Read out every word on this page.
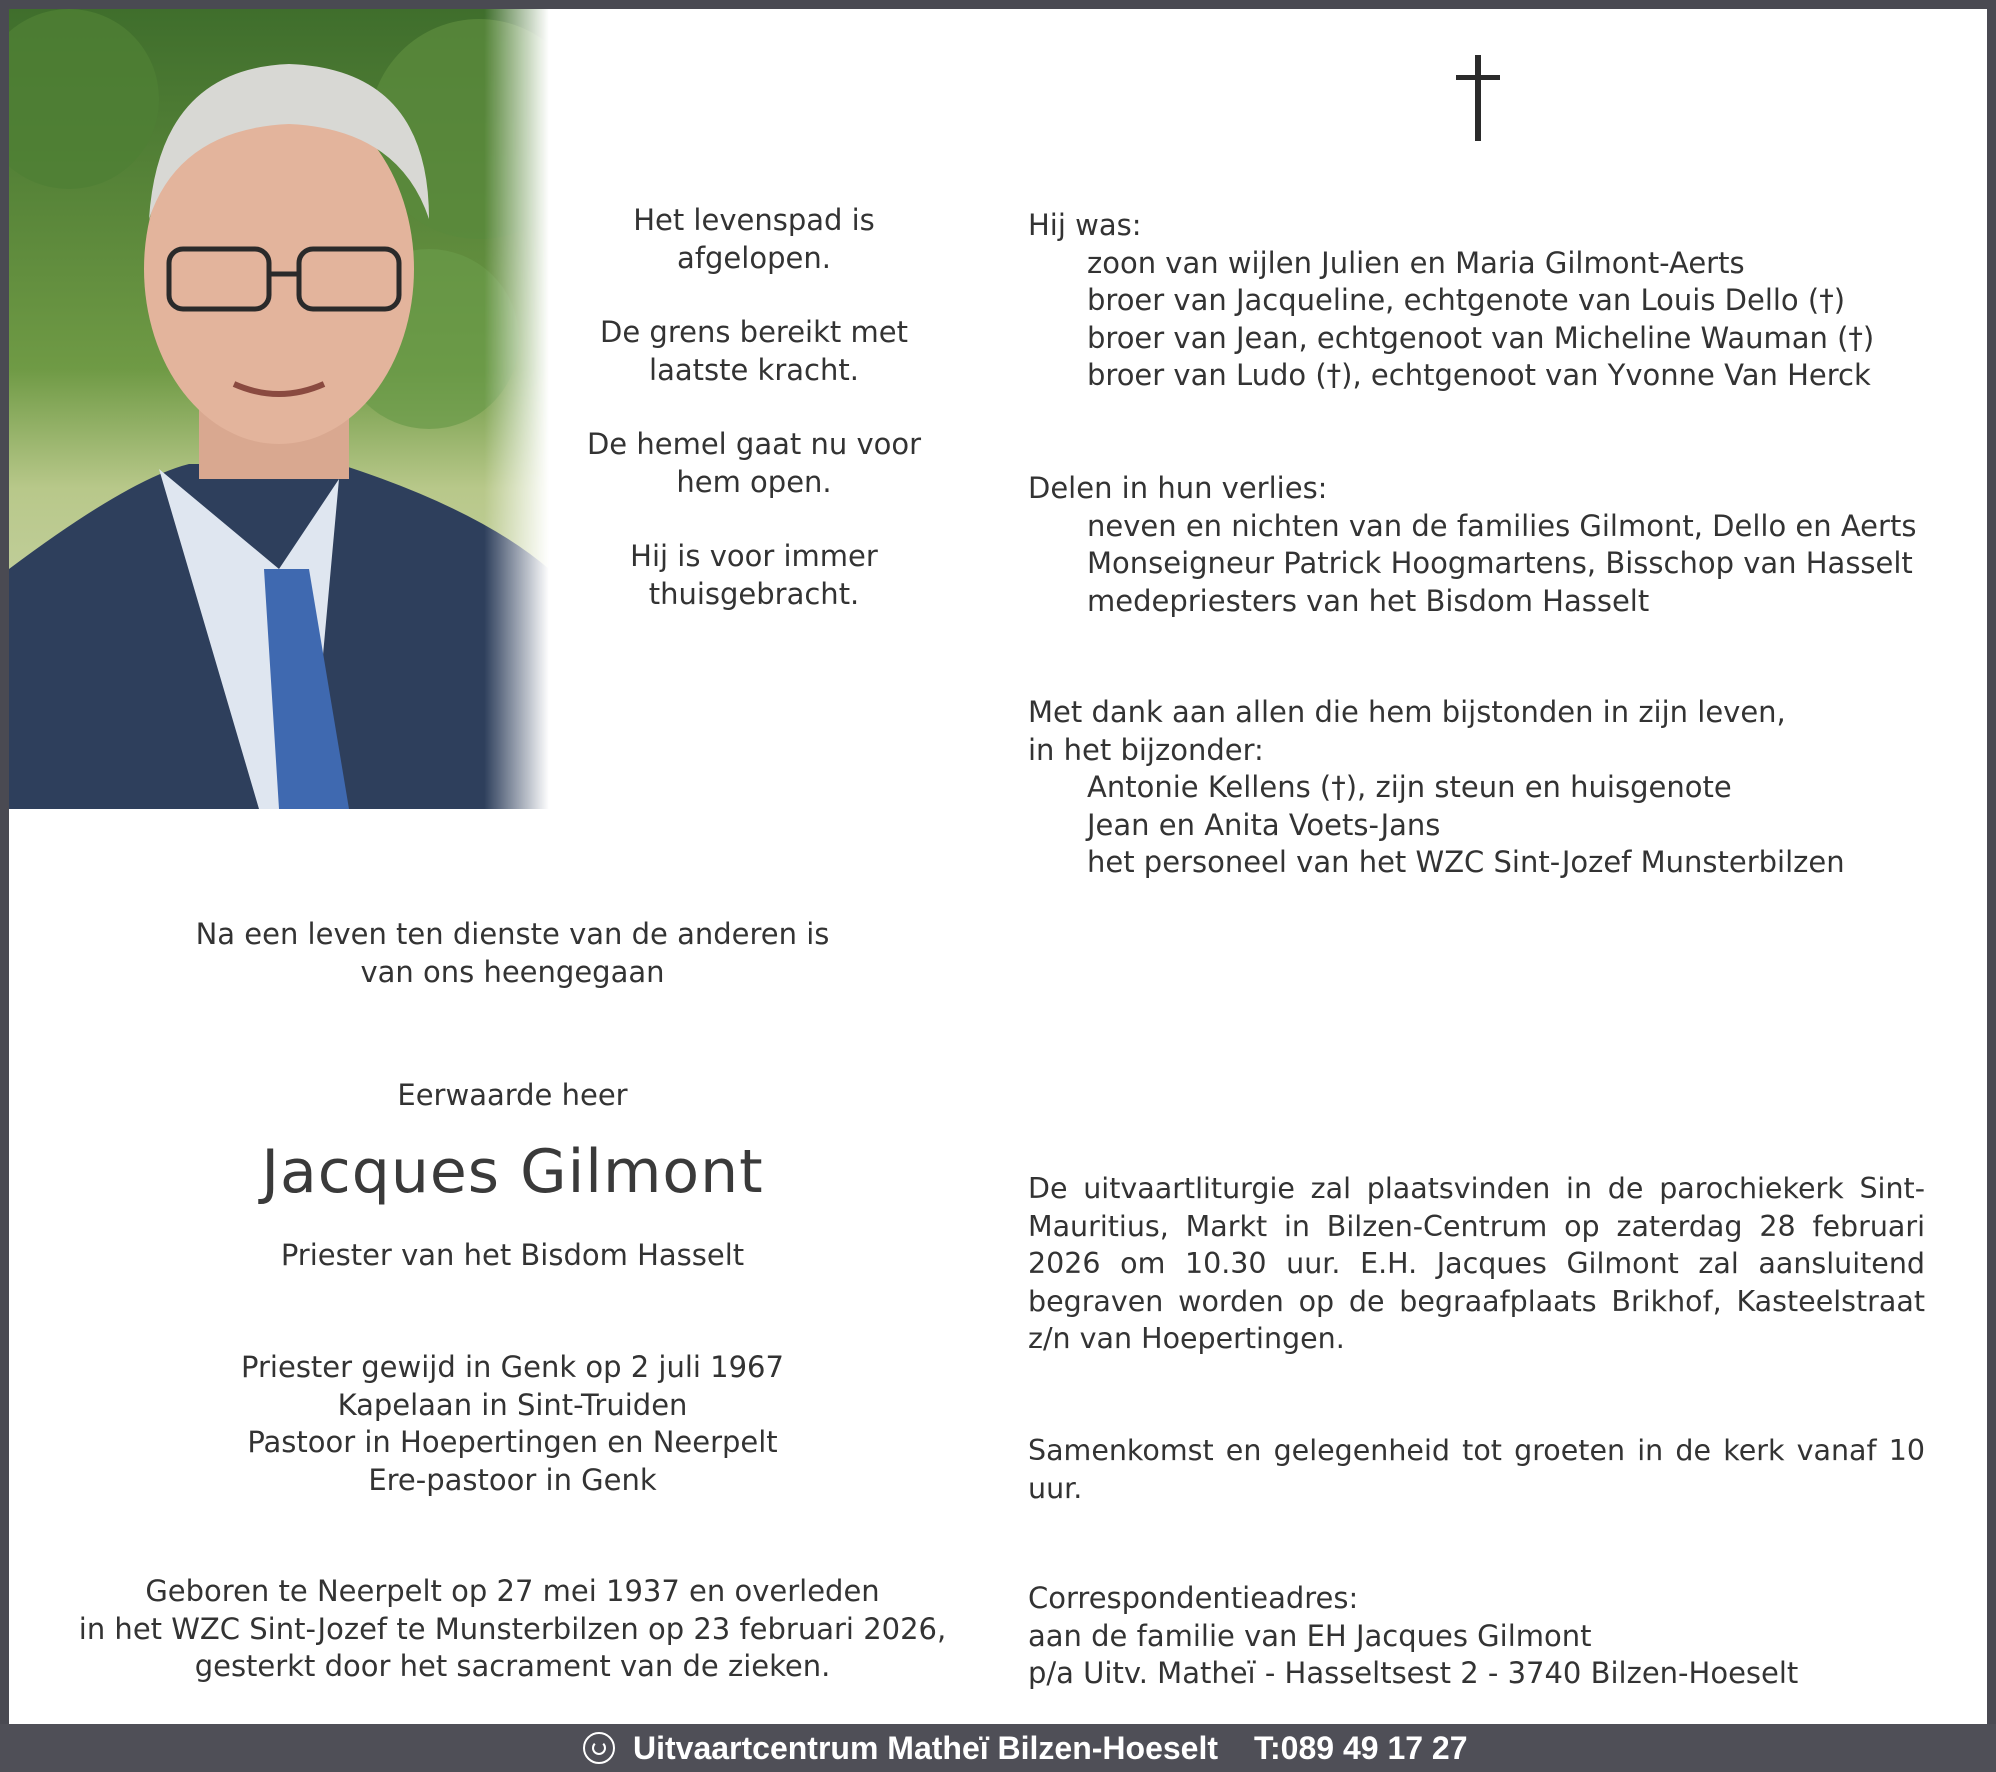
Het levenspad is
afgelopen.
De grens bereikt met
laatste kracht.
De hemel gaat nu voor
hem open.
Hij is voor immer
thuisgebracht.
Hij was:
zoon van wijlen Julien en Maria Gilmont-Aerts
broer van Jacqueline, echtgenote van Louis Dello (†)
broer van Jean, echtgenoot van Micheline Wauman (†)
broer van Ludo (†), echtgenoot van Yvonne Van Herck
Delen in hun verlies:
neven en nichten van de families Gilmont, Dello en Aerts
Monseigneur Patrick Hoogmartens, Bisschop van Hasselt
medepriesters van het Bisdom Hasselt
Met dank aan allen die hem bijstonden in zijn leven,
in het bijzonder:
Antonie Kellens (†), zijn steun en huisgenote
Jean en Anita Voets-Jans
het personeel van het WZC Sint-Jozef Munsterbilzen
Na een leven ten dienste van de anderen is
van ons heengegaan
Eerwaarde heer
Jacques Gilmont
Priester van het Bisdom Hasselt
Priester gewijd in Genk op 2 juli 1967
Kapelaan in Sint-Truiden
Pastoor in Hoepertingen en Neerpelt
Ere-pastoor in Genk
Geboren te Neerpelt op 27 mei 1937 en overleden
in het WZC Sint-Jozef te Munsterbilzen op 23 februari 2026,
gesterkt door het sacrament van de zieken.
De uitvaartliturgie zal plaatsvinden in de parochiekerk Sint-Mauritius, Markt in Bilzen-Centrum op zaterdag 28 februari 2026 om 10.30 uur. E.H. Jacques Gilmont zal aansluitend begraven worden op de begraafplaats Brikhof, Kasteelstraat z/n van Hoepertingen.
Samenkomst en gelegenheid tot groeten in de kerk vanaf 10 uur.
Correspondentieadres:
aan de familie van EH Jacques Gilmont
p/a Uitv. Matheï - Hasseltsest 2 - 3740 Bilzen-Hoeselt
Uitvaartcentrum Matheï Bilzen-Hoeselt T:089 49 17 27
